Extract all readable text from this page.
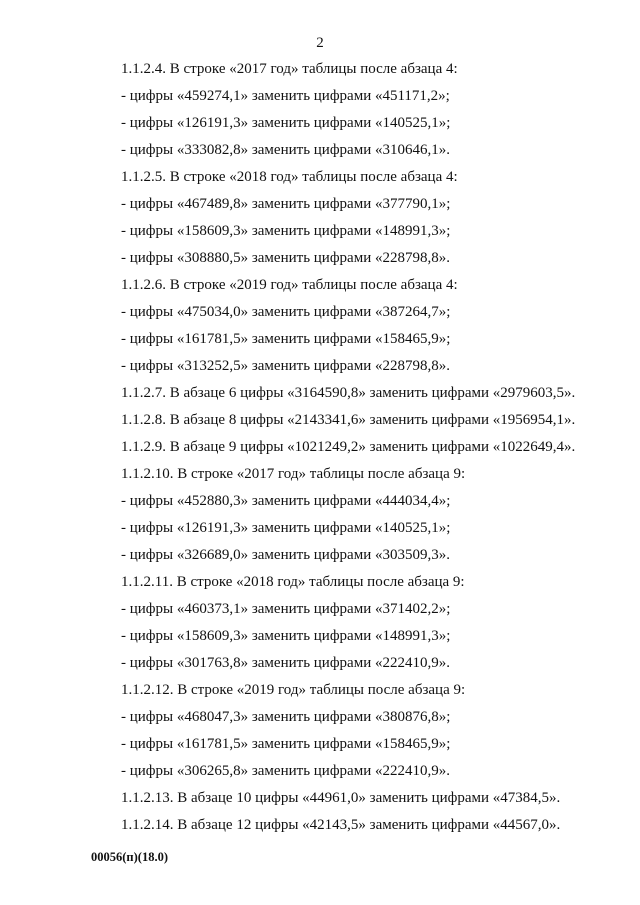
2
1.1.2.4. В строке «2017 год» таблицы после абзаца 4:
- цифры «459274,1» заменить цифрами «451171,2»;
- цифры «126191,3» заменить цифрами «140525,1»;
- цифры «333082,8» заменить цифрами «310646,1».
1.1.2.5. В строке «2018 год» таблицы после абзаца 4:
- цифры «467489,8» заменить цифрами «377790,1»;
- цифры «158609,3» заменить цифрами «148991,3»;
- цифры «308880,5» заменить цифрами «228798,8».
1.1.2.6. В строке «2019 год» таблицы после абзаца 4:
- цифры «475034,0» заменить цифрами «387264,7»;
- цифры «161781,5» заменить цифрами «158465,9»;
- цифры «313252,5» заменить цифрами «228798,8».
1.1.2.7. В абзаце 6 цифры «3164590,8» заменить цифрами «2979603,5».
1.1.2.8. В абзаце 8 цифры «2143341,6» заменить цифрами «1956954,1».
1.1.2.9. В абзаце 9 цифры «1021249,2» заменить цифрами «1022649,4».
1.1.2.10. В строке «2017 год» таблицы после абзаца 9:
- цифры «452880,3» заменить цифрами «444034,4»;
- цифры «126191,3» заменить цифрами «140525,1»;
- цифры «326689,0» заменить цифрами «303509,3».
1.1.2.11. В строке «2018 год» таблицы после абзаца 9:
- цифры «460373,1» заменить цифрами «371402,2»;
- цифры «158609,3» заменить цифрами «148991,3»;
- цифры «301763,8» заменить цифрами «222410,9».
1.1.2.12. В строке «2019 год» таблицы после абзаца 9:
- цифры «468047,3» заменить цифрами «380876,8»;
- цифры «161781,5» заменить цифрами «158465,9»;
- цифры «306265,8» заменить цифрами «222410,9».
1.1.2.13. В абзаце 10 цифры «44961,0» заменить цифрами «47384,5».
1.1.2.14. В абзаце 12 цифры «42143,5» заменить цифрами «44567,0».
00056(п)(18.0)
